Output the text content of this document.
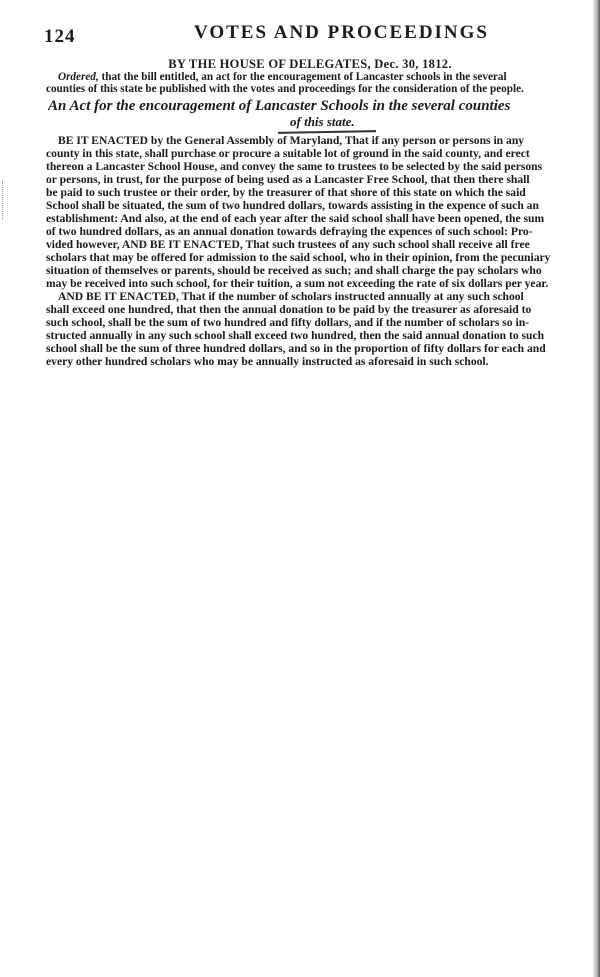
124	VOTES AND PROCEEDINGS
BY THE HOUSE OF DELEGATES, Dec. 30, 1812.
Ordered, that the bill entitled, an act for the encouragement of Lancaster schools in the several
counties of this state be published with the votes and proceedings for the consideration of the people.
An Act for the encouragement of Lancaster Schools in the several counties
of this state.
BE IT ENACTED by the General Assembly of Maryland, That if any person or persons in any
county in this state, shall purchase or procure a suitable lot of ground in the said county, and erect
thereon a Lancaster School House, and convey the same to trustees to be selected by the said persons
or persons, in trust, for the purpose of being used as a Lancaster Free School, that then there shall
be paid to such trustee or their order, by the treasurer of that shore of this state on which the said
School shall be situated, the sum of two hundred dollars, towards assisting in the expence of such an
establishment: And also, at the end of each year after the said school shall have been opened, the sum
of two hundred dollars, as an annual donation towards defraying the expences of such school: Pro-
vided however, AND BE IT ENACTED, That such trustees of any such school shall receive all free
scholars that may be offered for admission to the said school, who in their opinion, from the pecuniary
situation of themselves or parents, should be received as such; and shall charge the pay scholars who
may be received into such school, for their tuition, a sum not exceeding the rate of six dollars per year.
AND BE IT ENACTED, That if the number of scholars instructed annually at any such school
shall exceed one hundred, that then the annual donation to be paid by the treasurer as aforesaid to
such school, shall be the sum of two hundred and fifty dollars, and if the number of scholars so in-
structed annually in any such school shall exceed two hundred, then the said annual donation to such
school shall be the sum of three hundred dollars, and so in the proportion of fifty dollars for each and
every other hundred scholars who may be annually instructed as aforesaid in such school.
